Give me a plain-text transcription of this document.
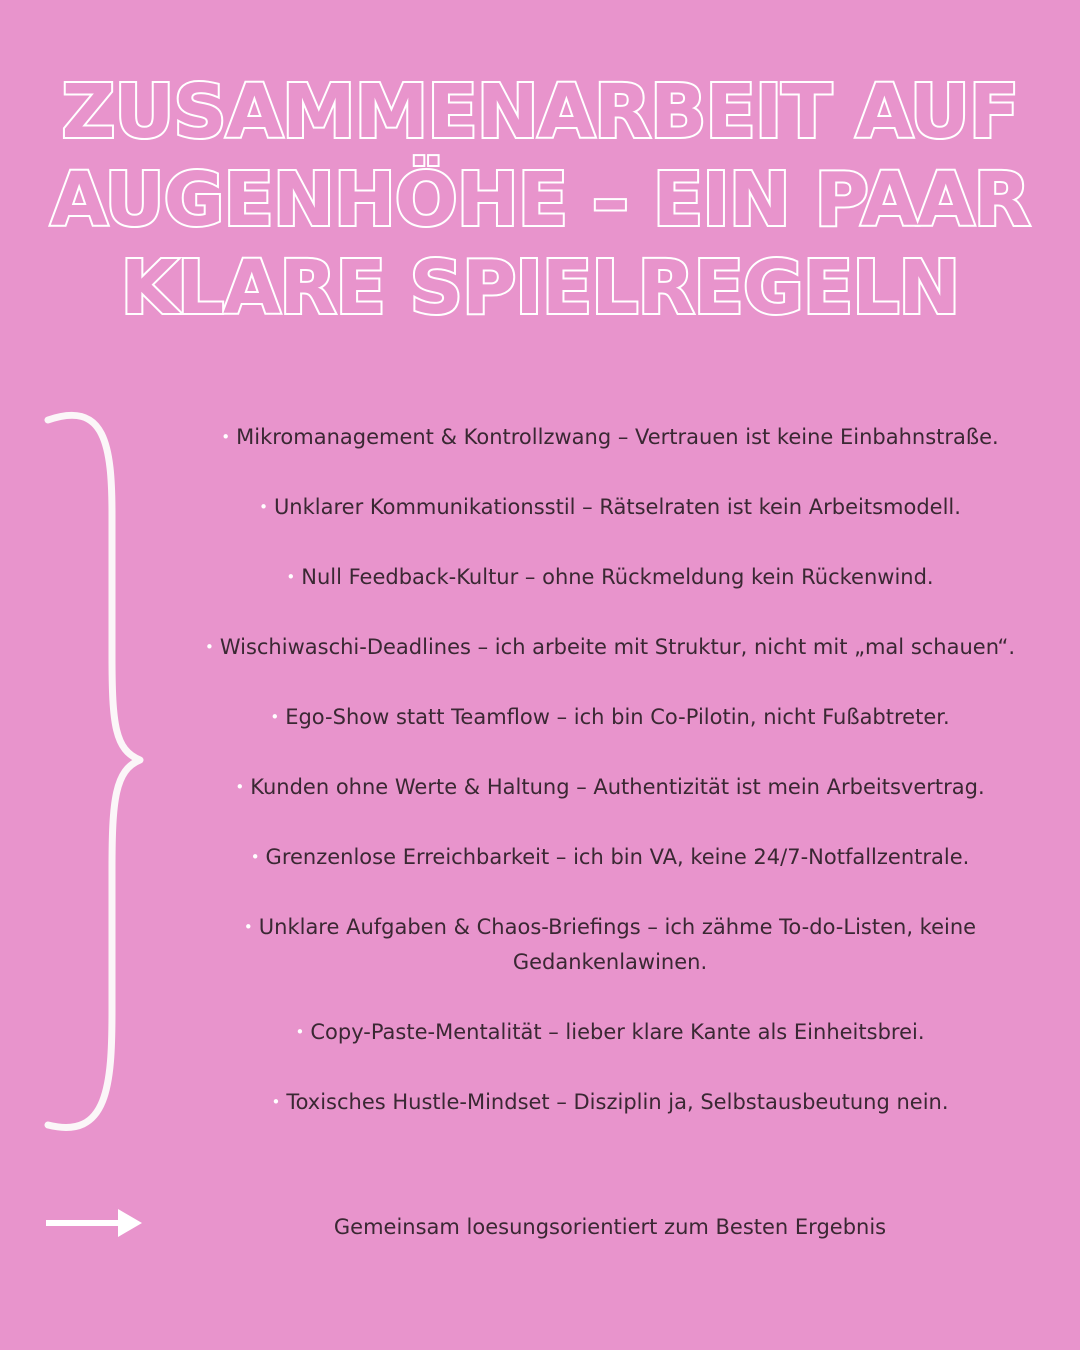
ZUSAMMENARBEIT AUF
AUGENHÖHE – EIN PAAR
KLARE SPIELREGELN
• Mikromanagement & Kontrollzwang – Vertrauen ist keine Einbahnstraße.
• Unklarer Kommunikationsstil – Rätselraten ist kein Arbeitsmodell.
• Null Feedback-Kultur – ohne Rückmeldung kein Rückenwind.
• Wischiwaschi-Deadlines – ich arbeite mit Struktur, nicht mit „mal schauen“.
• Ego-Show statt Teamflow – ich bin Co-Pilotin, nicht Fußabtreter.
• Kunden ohne Werte & Haltung – Authentizität ist mein Arbeitsvertrag.
• Grenzenlose Erreichbarkeit – ich bin VA, keine 24/7-Notfallzentrale.
• Unklare Aufgaben & Chaos-Briefings – ich zähme To-do-Listen, keine Gedankenlawinen.
• Copy-Paste-Mentalität – lieber klare Kante als Einheitsbrei.
• Toxisches Hustle-Mindset – Disziplin ja, Selbstausbeutung nein.
Gemeinsam loesungsorientiert zum Besten Ergebnis
